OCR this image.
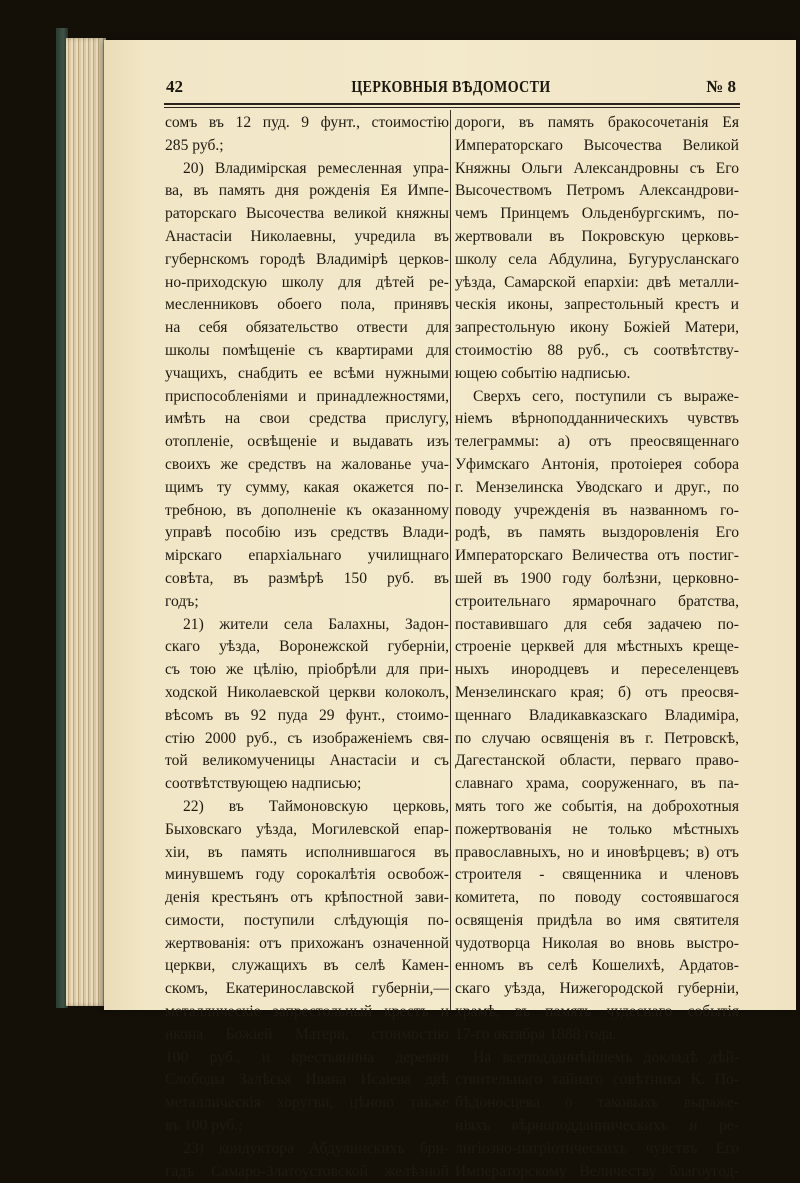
42	ЦЕРКОВНЫЯ ВѢДОМОСТИ	№ 8
сомъ въ 12 пуд. 9 фунт., стоимостію
285 руб.;
20) Владимірская ремесленная упра-
ва, въ память дня рожденія Ея Импе-
раторскаго Высочества великой княжны
Анастасіи Николаевны, учредила въ
губернскомъ городѣ Владимірѣ церков-
но-приходскую школу для дѣтей ре-
месленниковъ обоего пола, принявъ
на себя обязательство отвести для
школы помѣщеніе съ квартирами для
учащихъ, снабдить ее всѣми нужными
приспособленіями и принадлежностями,
имѣть на свои средства прислугу,
отопленіе, освѣщеніе и выдавать изъ
своихъ же средствъ на жалованье уча-
щимъ ту сумму, какая окажется по-
требною, въ дополненіе къ оказанному
управѣ пособію изъ средствъ Влади-
мірскаго епархіальнаго училищнаго
совѣта, въ размѣрѣ 150 руб. въ
годъ;
21) жители села Балахны, Задон-
скаго уѣзда, Воронежской губерніи,
съ тою же цѣлію, пріобрѣли для при-
ходской Николаевской церкви колоколъ,
вѣсомъ въ 92 пуда 29 фунт., стоимо-
стію 2000 руб., съ изображеніемъ свя-
той великомученицы Анастасіи и съ
соотвѣтствующею надписью;
22) въ Таймоновскую церковь,
Быховскаго уѣзда, Могилевской епар-
хіи, въ память исполнившагося въ
минувшемъ году сорокалѣтія освобож-
денія крестьянъ отъ крѣпостной зави-
симости, поступили слѣдующія по-
жертвованія: отъ прихожанъ означенной
церкви, служащихъ въ селѣ Камен-
скомъ, Екатеринославской губерніи,—
металлическіе запрестольный крестъ и
икона Божіей Матери, стоимостію
100 руб., и крестьянина деревни
Слободы Залѣсья Ивана Исаіева двѣ
металлическія хоругви, цѣною также
въ 100 руб.;
23) кондуктора Абдулинскихъ бри-
гадъ Самаро-Златоустовской желѣзной
дороги, въ память бракосочетанія Ея
Императорскаго Высочества Великой
Княжны Ольги Александровны съ Его
Высочествомъ Петромъ Александрови-
чемъ Принцемъ Ольденбургскимъ, по-
жертвовали въ Покровскую церковь-
школу села Абдулина, Бугурусланскаго
уѣзда, Самарской епархіи: двѣ металли-
ческія иконы, запрестольный крестъ и
запрестольную икону Божіей Матери,
стоимостію 88 руб., съ соотвѣтству-
ющею событію надписью.
Сверхъ сего, поступили съ выраже-
ніемъ вѣрноподданническихъ чувствъ
телеграммы: а) отъ преосвященнаго
Уфимскаго Антонія, протоіерея собора
г. Мензелинска Уводскаго и друг., по
поводу учрежденія въ названномъ го-
родѣ, въ память выздоровленія Его
Императорскаго Величества отъ постиг-
шей въ 1900 году болѣзни, церковно-
строительнаго ярмарочнаго братства,
поставившаго для себя задачею по-
строеніе церквей для мѣстныхъ креще-
ныхъ инородцевъ и переселенцевъ
Мензелинскаго края; б) отъ преосвя-
щеннаго Владикавказскаго Владиміра,
по случаю освященія въ г. Петровскѣ,
Дагестанской области, перваго право-
славнаго храма, сооруженнаго, въ па-
мять того же событія, на доброхотныя
пожертвованія не только мѣстныхъ
православныхъ, но и иновѣрцевъ; в) отъ
строителя - священника и членовъ
комитета, по поводу состоявшагося
освященія придѣла во имя святителя
чудотворца Николая во вновь выстро-
енномъ въ селѣ Кошелихѣ, Ардатов-
скаго уѣзда, Нижегородской губерніи,
храмѣ, въ память чудеснаго событія
17-го октября 1888 года.
На всеподданнѣйшемъ докладѣ дѣй-
ствительнаго тайнаго совѣтника К. По-
бѣдоносцева о таковыхъ выраже-
ніяхъ вѣрноподданническихъ и ре-
лигіозно-патріотическихъ чувствъ Его
Императорскому Величеству благоугод-
